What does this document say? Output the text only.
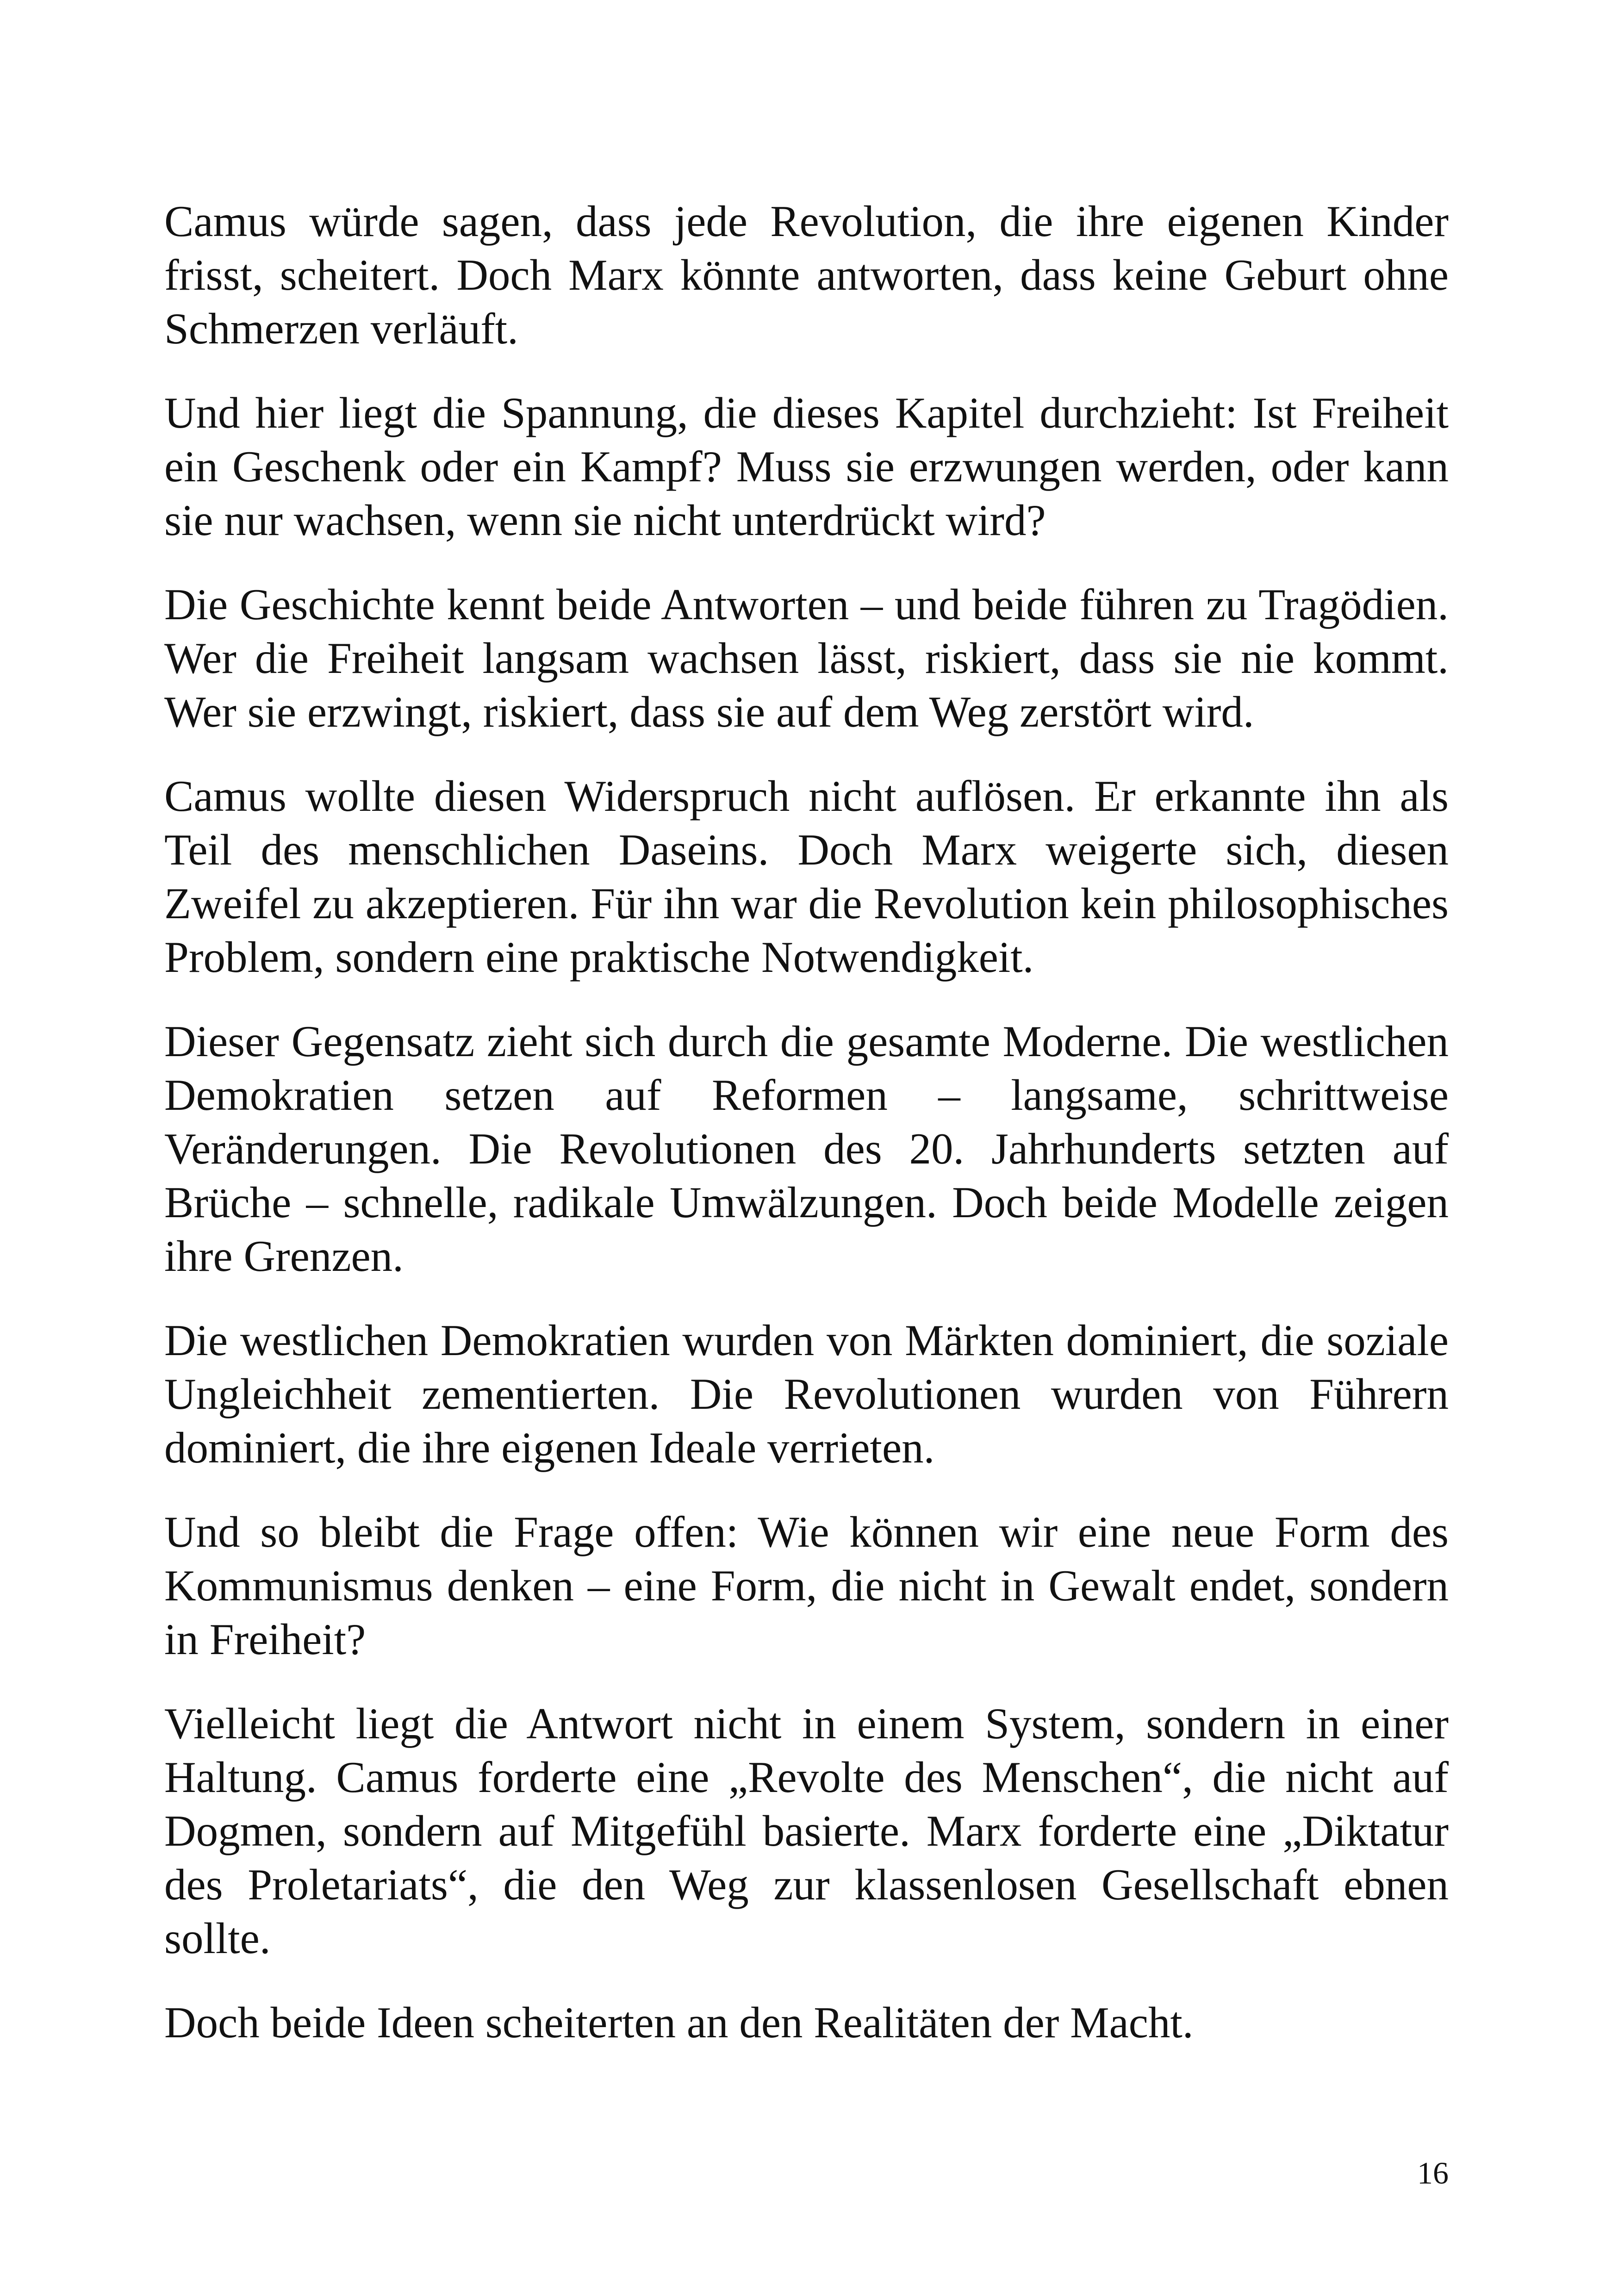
Camus würde sagen, dass jede Revolution, die ihre eigenen Kinder frisst, scheitert. Doch Marx könnte antworten, dass keine Geburt ohne Schmerzen verläuft.

Und hier liegt die Spannung, die dieses Kapitel durchzieht: Ist Freiheit ein Geschenk oder ein Kampf? Muss sie erzwungen werden, oder kann sie nur wachsen, wenn sie nicht unterdrückt wird?

Die Geschichte kennt beide Antworten – und beide führen zu Tragödien. Wer die Freiheit langsam wachsen lässt, riskiert, dass sie nie kommt. Wer sie erzwingt, riskiert, dass sie auf dem Weg zerstört wird.

Camus wollte diesen Widerspruch nicht auflösen. Er erkannte ihn als Teil des menschlichen Daseins. Doch Marx weigerte sich, diesen Zweifel zu akzeptieren. Für ihn war die Revolution kein philosophisches Problem, sondern eine praktische Notwendigkeit.

Dieser Gegensatz zieht sich durch die gesamte Moderne. Die westlichen Demokratien setzen auf Reformen – langsame, schrittweise Veränderungen. Die Revolutionen des 20. Jahrhunderts setzten auf Brüche – schnelle, radikale Umwälzungen. Doch beide Modelle zeigen ihre Grenzen.

Die westlichen Demokratien wurden von Märkten dominiert, die soziale Ungleichheit zementierten. Die Revolutionen wurden von Führern dominiert, die ihre eigenen Ideale verrieten.

Und so bleibt die Frage offen: Wie können wir eine neue Form des Kommunismus denken – eine Form, die nicht in Gewalt endet, sondern in Freiheit?

Vielleicht liegt die Antwort nicht in einem System, sondern in einer Haltung. Camus forderte eine „Revolte des Menschen“, die nicht auf Dogmen, sondern auf Mitgefühl basierte. Marx forderte eine „Diktatur des Proletariats“, die den Weg zur klassenlosen Gesellschaft ebnen sollte.

Doch beide Ideen scheiterten an den Realitäten der Macht.

16
